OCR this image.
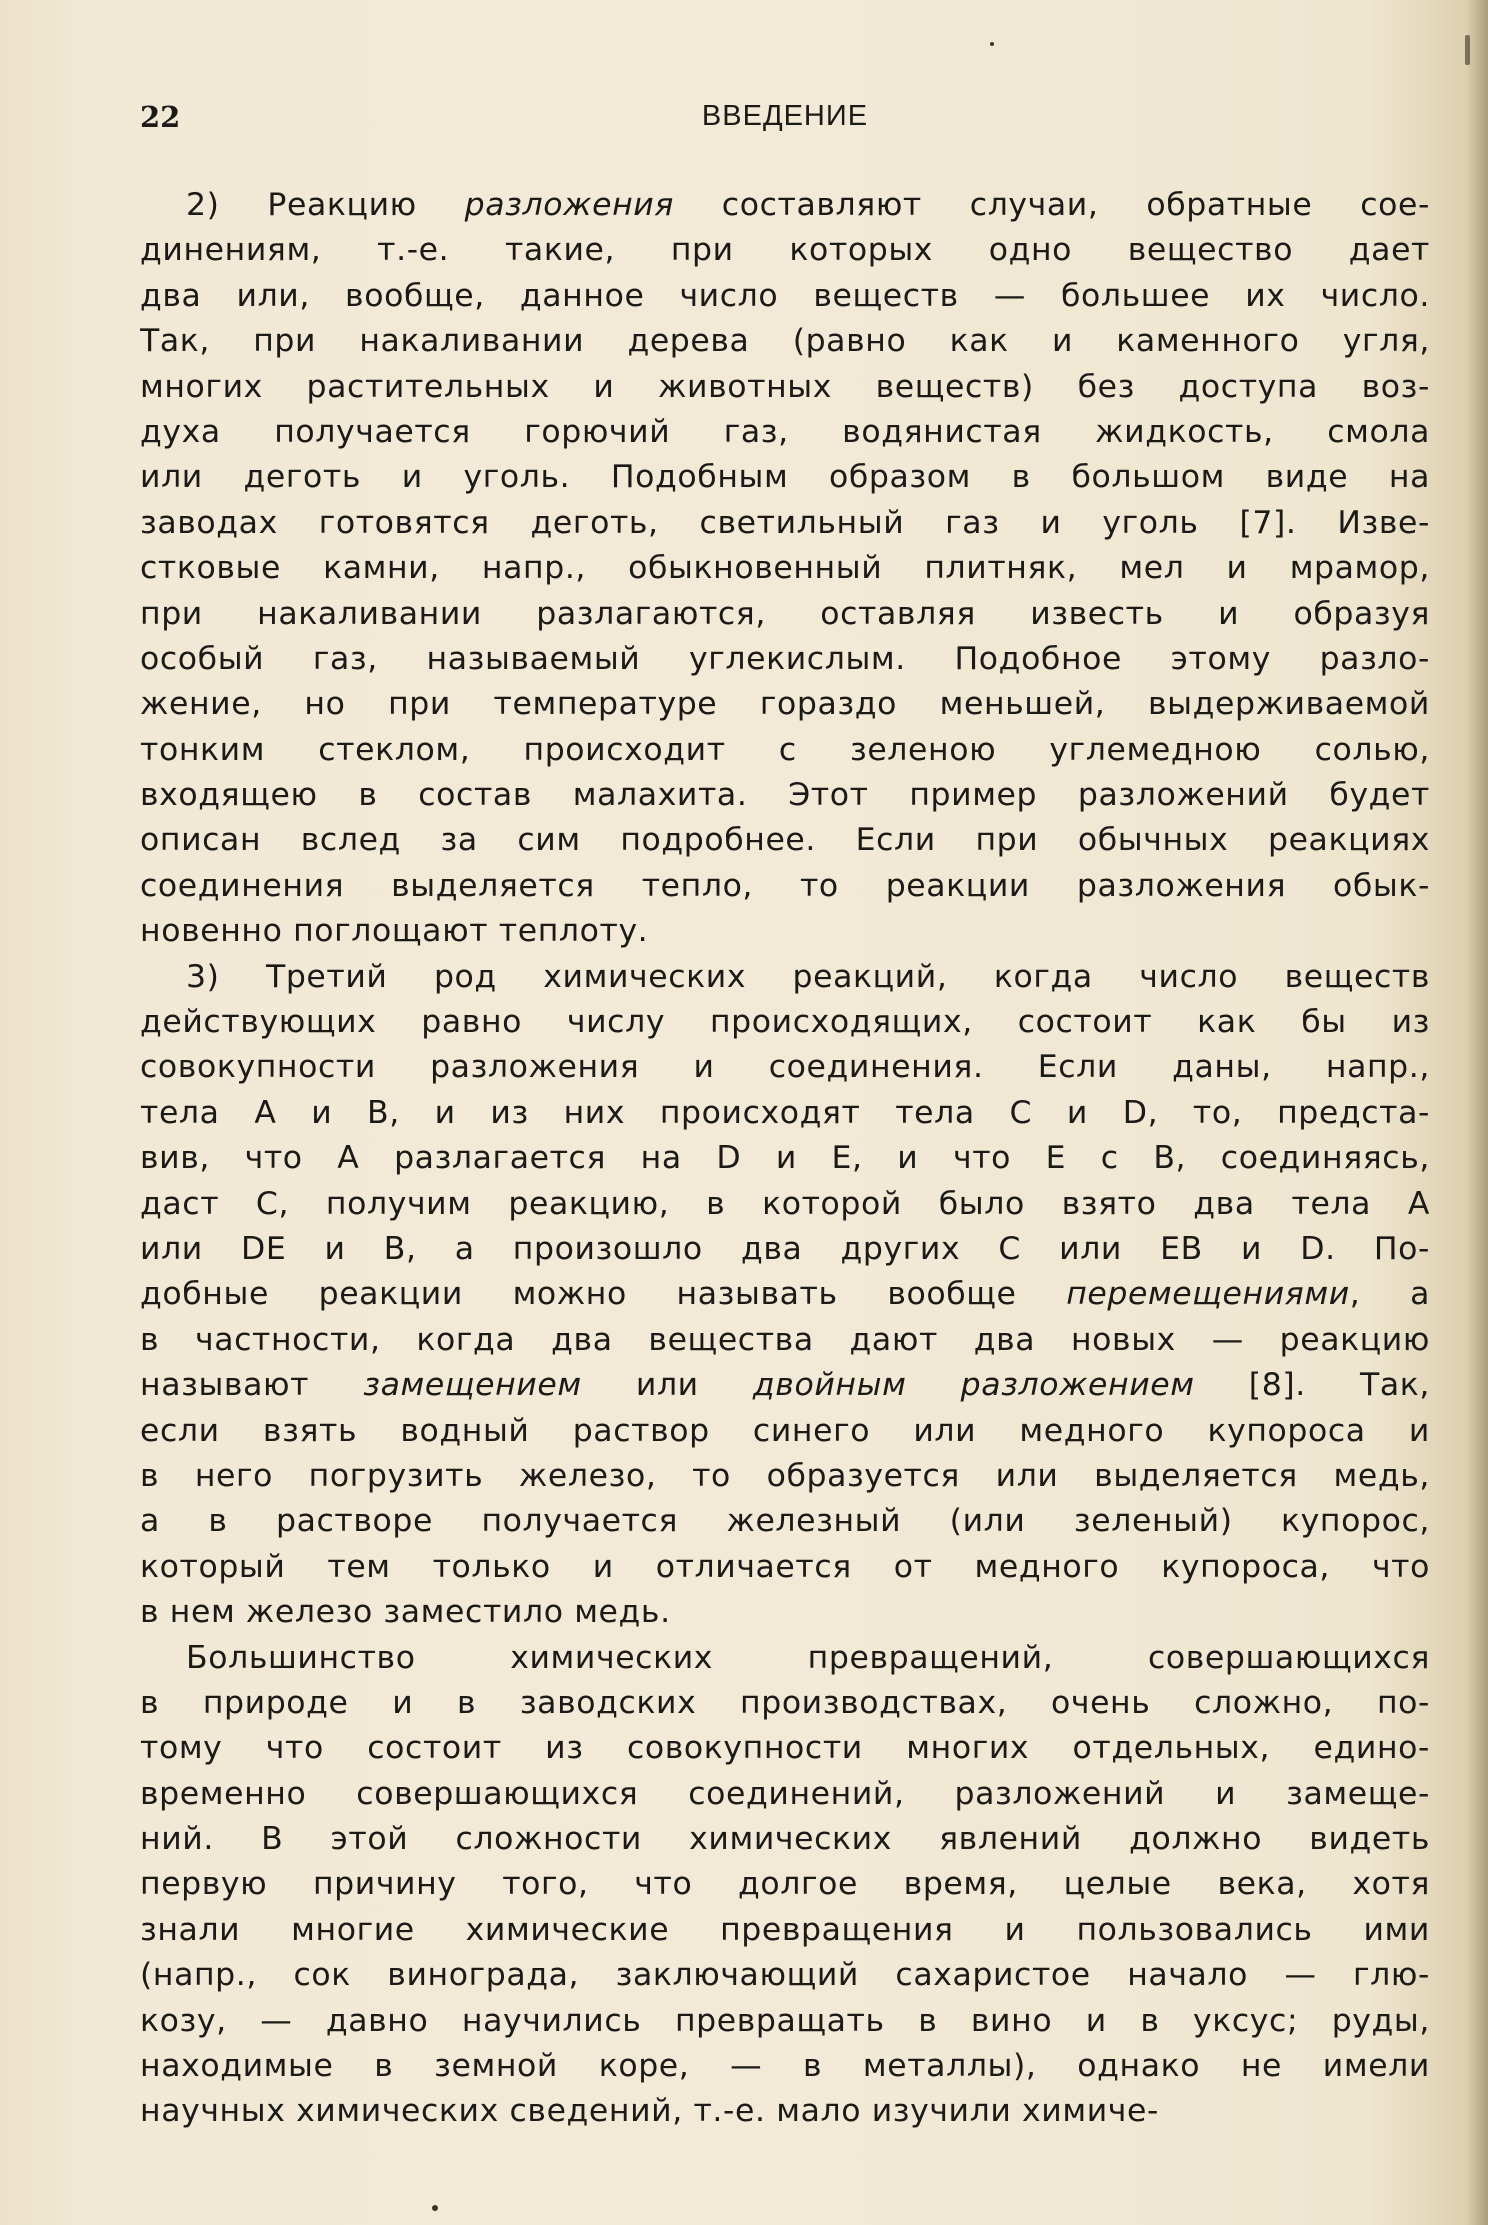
22	ВВЕДЕНИЕ
2) Реакцию разложения составляют случаи, обратные сое-
динениям, т.-е. такие, при которых одно вещество дает
два или, вообще, данное число веществ — большее их число.
Так, при накаливании дерева (равно как и каменного угля,
многих растительных и животных веществ) без доступа воз-
духа получается горючий газ, водянистая жидкость, смола
или деготь и уголь. Подобным образом в большом виде на
заводах готовятся деготь, светильный газ и уголь [7]. Изве-
стковые камни, напр., обыкновенный плитняк, мел и мрамор,
при накаливании разлагаются, оставляя известь и образуя
особый газ, называемый углекислым. Подобное этому разло-
жение, но при температуре гораздо меньшей, выдерживаемой
тонким стеклом, происходит с зеленою углемедною солью,
входящею в состав малахита. Этот пример разложений будет
описан вслед за сим подробнее. Если при обычных реакциях
соединения выделяется тепло, то реакции разложения обык-
новенно поглощают теплоту.
3) Третий род химических реакций, когда число веществ
действующих равно числу происходящих, состоит как бы из
совокупности разложения и соединения. Если даны, напр.,
тела A и B, и из них происходят тела C и D, то, предста-
вив, что A разлагается на D и E, и что E с B, соединяясь,
даст C, получим реакцию, в которой было взято два тела A
или DE и B, а произошло два других C или EB и D. По-
добные реакции можно называть вообще перемещениями, а
в частности, когда два вещества дают два новых — реакцию
называют замещением или двойным разложением [8]. Так,
если взять водный раствор синего или медного купороса и
в него погрузить железо, то образуется или выделяется медь,
а в растворе получается железный (или зеленый) купорос,
который тем только и отличается от медного купороса, что
в нем железо заместило медь.
Большинство химических превращений, совершающихся
в природе и в заводских производствах, очень сложно, по-
тому что состоит из совокупности многих отдельных, едино-
временно совершающихся соединений, разложений и замеще-
ний. В этой сложности химических явлений должно видеть
первую причину того, что долгое время, целые века, хотя
знали многие химические превращения и пользовались ими
(напр., сок винограда, заключающий сахаристое начало — глю-
козу, — давно научились превращать в вино и в уксус; руды,
находимые в земной коре, — в металлы), однако не имели
научных химических сведений, т.-е. мало изучили химиче-
